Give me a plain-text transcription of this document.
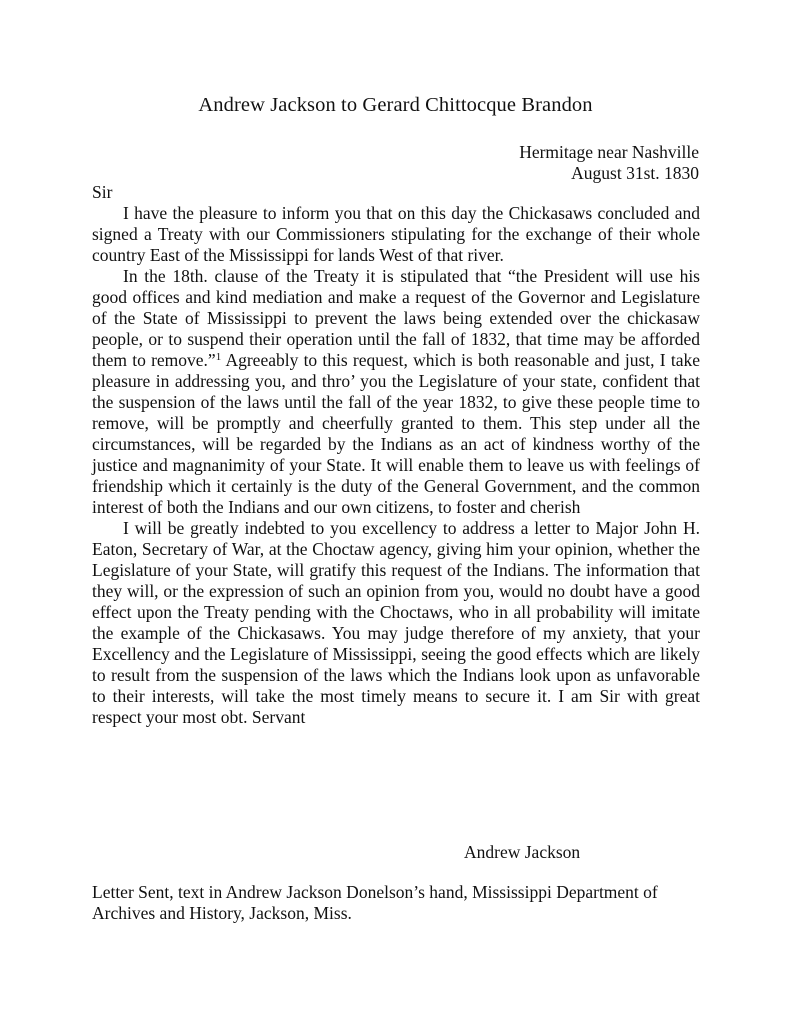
Andrew Jackson to Gerard Chittocque Brandon
Hermitage near Nashville
August 31st. 1830

Sir

I have the pleasure to inform you that on this day the Chickasaws concluded and signed a Treaty with our Commissioners stipulating for the exchange of their whole country East of the Mississippi for lands West of that river.

In the 18th. clause of the Treaty it is stipulated that “the President will use his good offices and kind mediation and make a request of the Governor and Legislature of the State of Mississippi to prevent the laws being extended over the chickasaw people, or to suspend their operation until the fall of 1832, that time may be afforded them to remove.”$^1$ Agreeably to this request, which is both reasonable and just, I take pleasure in addressing you, and thro’ you the Legislature of your state, confident that the suspension of the laws until the fall of the year 1832, to give these people time to remove, will be promptly and cheerfully granted to them. This step under all the circumstances, will be regarded by the Indians as an act of kindness worthy of the justice and magnanimity of your State. It will enable them to leave us with feelings of friendship which it certainly is the duty of the General Government, and the common interest of both the Indians and our own citizens, to foster and cherish

I will be greatly indebted to you excellency to address a letter to Major John H. Eaton, Secretary of War, at the Choctaw agency, giving him your opinion, whether the Legislature of your State, will gratify this request of the Indians. The information that they will, or the expression of such an opinion from you, would no doubt have a good effect upon the Treaty pending with the Choctaws, who in all probability will imitate the example of the Chickasaws. You may judge therefore of my anxiety, that your Excellency and the Legislature of Mississippi, seeing the good effects which are likely to result from the suspension of the laws which the Indians look upon as unfavorable to their interests, will take the most timely means to secure it. I am Sir with great respect your most obt. Servant

Andrew Jackson
Letter Sent, text in Andrew Jackson Donelson’s hand, Mississippi Department of Archives and History, Jackson, Miss.
